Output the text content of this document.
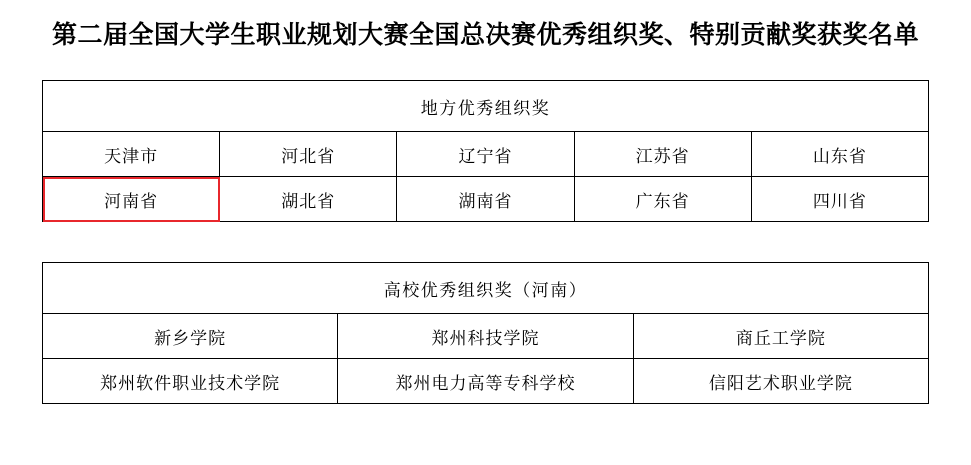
第二届全国大学生职业规划大赛全国总决赛优秀组织奖、特别贡献奖获奖名单
地方优秀组织奖				
天津市	河北省	辽宁省	江苏省	山东省
河南省	湖北省	湖南省	广东省	四川省
高校优秀组织奖（河南）		
新乡学院	郑州科技学院	商丘工学院
郑州软件职业技术学院	郑州电力高等专科学校	信阳艺术职业学院
